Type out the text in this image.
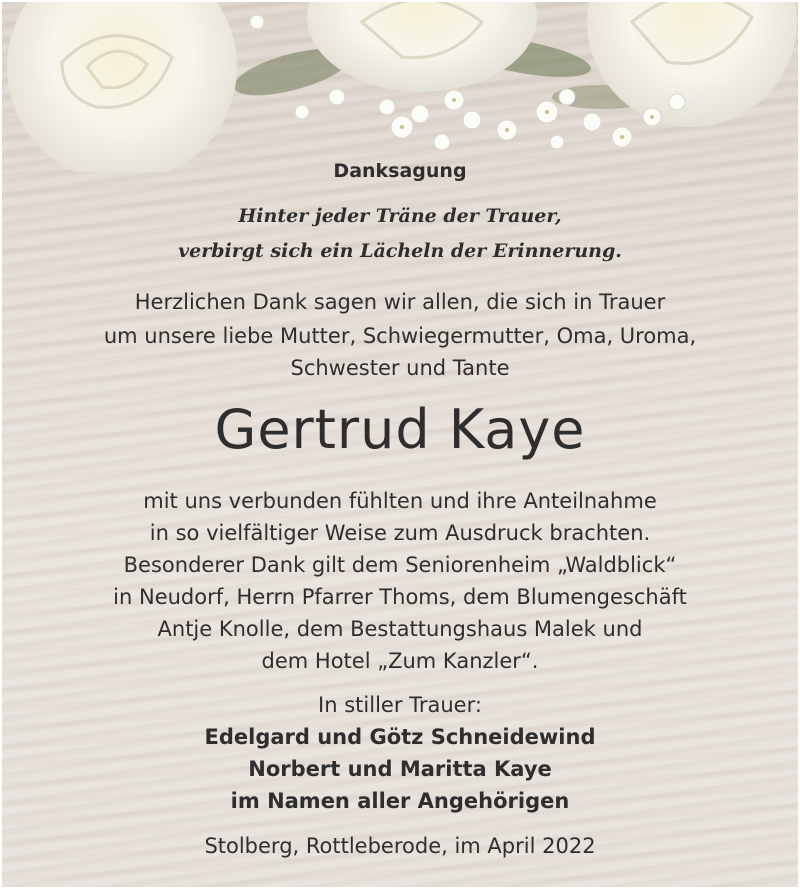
Danksagung
Hinter jeder Träne der Trauer,
verbirgt sich ein Lächeln der Erinnerung.
Herzlichen Dank sagen wir allen, die sich in Trauer
um unsere liebe Mutter, Schwiegermutter, Oma, Uroma,
Schwester und Tante
Gertrud Kaye
mit uns verbunden fühlten und ihre Anteilnahme
in so vielfältiger Weise zum Ausdruck brachten.
Besonderer Dank gilt dem Seniorenheim „Waldblick“
in Neudorf, Herrn Pfarrer Thoms, dem Blumengeschäft
Antje Knolle, dem Bestattungshaus Malek und
dem Hotel „Zum Kanzler“.
In stiller Trauer:
Edelgard und Götz Schneidewind
Norbert und Maritta Kaye
im Namen aller Angehörigen
Stolberg, Rottleberode, im April 2022
